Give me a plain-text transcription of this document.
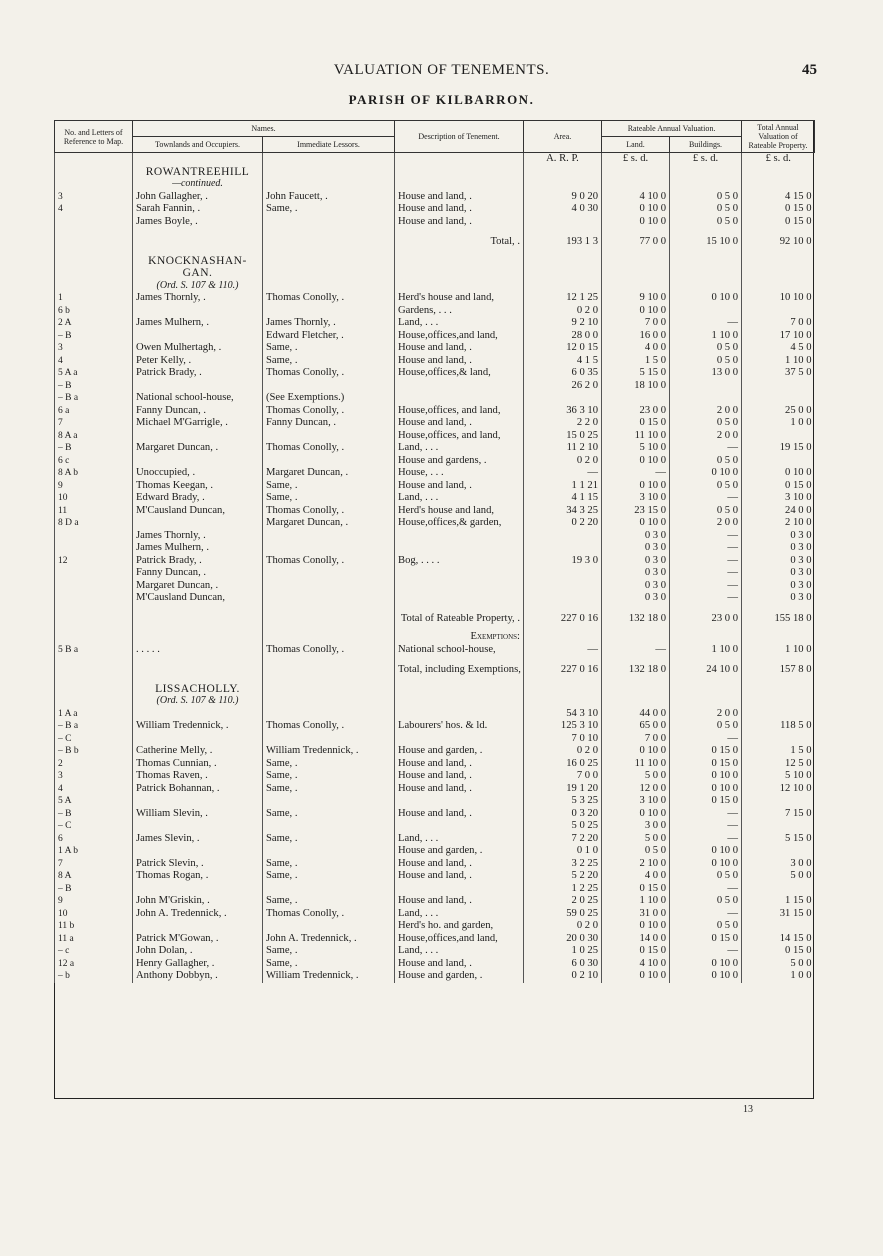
VALUATION OF TENEMENTS.	45
PARISH OF KILBARRON.
No. and Letters of Reference to Map.	Names.		Description of Tenement.	Area.	Rateable Annual Valuation.		Total Annual Valuation of Rateable Property.
	Townlands and Occupiers.	Immediate Lessors.			Land.	Buildings.	
				A. R. P.	£ s. d.	£ s. d.	£ s. d.
	ROWANTREEHILL						
	—continued.						
3	John Gallagher, .	John Faucett, .	House and land, .	9 0 20	4 10 0	0 5 0	4 15 0
4	Sarah Fannin, .	Same, .	House and land, .	4 0 30	0 10 0	0 5 0	0 15 0
	James Boyle, .		House and land, .		0 10 0	0 5 0	0 15 0
			Total, .	193 1 3	77 0 0	15 10 0	92 10 0
	KNOCKNASHAN-						
	GAN.						
	(Ord. S. 107 & 110.)						
1	James Thornly, .	Thomas Conolly, .	Herd's house and land,	12 1 25	9 10 0	0 10 0	10 10 0
6 b			Gardens, . . .	0 2 0	0 10 0		
2 A	James Mulhern, .	James Thornly, .	Land, . . .	9 2 10	7 0 0	—	7 0 0
– B		Edward Fletcher, .	House,offices,and land,	28 0 0	16 0 0	1 10 0	17 10 0
3	Owen Mulhertagh, .	Same, .	House and land, .	12 0 15	4 0 0	0 5 0	4 5 0
4	Peter Kelly, .	Same, .	House and land, .	4 1 5	1 5 0	0 5 0	1 10 0
5 A a	Patrick Brady, .	Thomas Conolly, .	House,offices,& land,	6 0 35	5 15 0	13 0 0	37 5 0
– B				26 2 0	18 10 0		
– B a	National school-house,	(See Exemptions.)					
6 a	Fanny Duncan, .	Thomas Conolly, .	House,offices, and land,	36 3 10	23 0 0	2 0 0	25 0 0
7	Michael M'Garrigle, .	Fanny Duncan, .	House and land, .	2 2 0	0 15 0	0 5 0	1 0 0
8 A a			House,offices, and land,	15 0 25	11 10 0	2 0 0	
– B	Margaret Duncan, .	Thomas Conolly, .	Land, . . .	11 2 10	5 10 0	—	19 15 0
6 c			House and gardens, .	0 2 0	0 10 0	0 5 0	
8 A b	Unoccupied, .	Margaret Duncan, .	House, . . .	—	—	0 10 0	0 10 0
9	Thomas Keegan, .	Same, .	House and land, .	1 1 21	0 10 0	0 5 0	0 15 0
10	Edward Brady, .	Same, .	Land, . . .	4 1 15	3 10 0	—	3 10 0
11	M'Causland Duncan,	Thomas Conolly, .	Herd's house and land,	34 3 25	23 15 0	0 5 0	24 0 0
8 D a		Margaret Duncan, .	House,offices,& garden,	0 2 20	0 10 0	2 0 0	2 10 0
	James Thornly, .				0 3 0	—	0 3 0
	James Mulhern, .				0 3 0	—	0 3 0
12	Patrick Brady, .	Thomas Conolly, .	Bog, . . . .	19 3 0	0 3 0	—	0 3 0
	Fanny Duncan, .				0 3 0	—	0 3 0
	Margaret Duncan, .				0 3 0	—	0 3 0
	M'Causland Duncan,				0 3 0	—	0 3 0
			Total of Rateable Property, .	227 0 16	132 18 0	23 0 0	155 18 0
			Exemptions:				
5 B a	. . . . .	Thomas Conolly, .	National school-house,	—	—	1 10 0	1 10 0
			Total, including Exemptions,	227 0 16	132 18 0	24 10 0	157 8 0
	LISSACHOLLY.						
	(Ord. S. 107 & 110.)						
1 A a				54 3 10	44 0 0	2 0 0	
– B a	William Tredennick, .	Thomas Conolly, .	Labourers' hos. & ld.	125 3 10	65 0 0	0 5 0	118 5 0
– C				7 0 10	7 0 0	—	
– B b	Catherine Melly, .	William Tredennick, .	House and garden, .	0 2 0	0 10 0	0 15 0	1 5 0
2	Thomas Cunnian, .	Same, .	House and land, .	16 0 25	11 10 0	0 15 0	12 5 0
3	Thomas Raven, .	Same, .	House and land, .	7 0 0	5 0 0	0 10 0	5 10 0
4	Patrick Bohannan, .	Same, .	House and land, .	19 1 20	12 0 0	0 10 0	12 10 0
5 A				5 3 25	3 10 0	0 15 0	
– B	William Slevin, .	Same, .	House and land, .	0 3 20	0 10 0	—	7 15 0
– C				5 0 25	3 0 0	—	
6	James Slevin, .	Same, .	Land, . . .	7 2 20	5 0 0	—	5 15 0
1 A b			House and garden, .	0 1 0	0 5 0	0 10 0	
7	Patrick Slevin, .	Same, .	House and land, .	3 2 25	2 10 0	0 10 0	3 0 0
8 A	Thomas Rogan, .	Same, .	House and land, .	5 2 20	4 0 0	0 5 0	5 0 0
– B				1 2 25	0 15 0	—	
9	John M'Griskin, .	Same, .	House and land, .	2 0 25	1 10 0	0 5 0	1 15 0
10	John A. Tredennick, .	Thomas Conolly, .	Land, . . .	59 0 25	31 0 0	—	31 15 0
11 b			Herd's ho. and garden,	0 2 0	0 10 0	0 5 0	
11 a	Patrick M'Gowan, .	John A. Tredennick, .	House,offices,and land,	20 0 30	14 0 0	0 15 0	14 15 0
– c	John Dolan, .	Same, .	Land, . . .	1 0 25	0 15 0	—	0 15 0
12 a	Henry Gallagher, .	Same, .	House and land, .	6 0 30	4 10 0	0 10 0	5 0 0
– b	Anthony Dobbyn, .	William Tredennick, .	House and garden, .	0 2 10	0 10 0	0 10 0	1 0 0
13
